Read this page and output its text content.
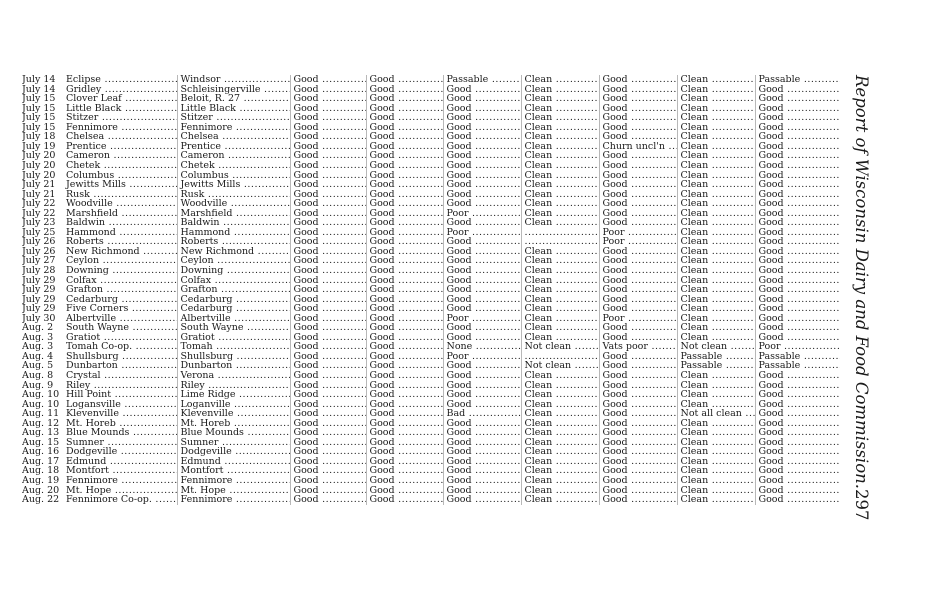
July 14 Eclipse .....	Windsor .....	Good .....	Good .....	Passable .....	Clean .....	Good .....	Clean .....	Passable .....
July 14 Gridley .....	Schleisingerville .....	Good .....	Good .....	Good .....	Clean .....	Good .....	Clean .....	Good .....
July 15 Clover Leaf .....	Beloit, R. 27 .....	Good .....	Good .....	Good .....	Clean .....	Good .....	Clean .....	Good .....
July 15 Little Black .....	Little Black .....	Good .....	Good .....	Good .....	Clean .....	Good .....	Clean .....	Good .....
July 15 Stitzer .....	Stitzer .....	Good .....	Good .....	Good .....	Clean .....	Good .....	Clean .....	Good .....
July 15 Fennimore .....	Fennimore .....	Good .....	Good .....	Good .....	Clean .....	Good .....	Clean .....	Good .....
July 18 Chelsea .....	Chelsea .....	Good .....	Good .....	Good .....	Clean .....	Good .....	Clean .....	Good .....
July 19 Prentice .....	Prentice .....	Good .....	Good .....	Good .....	Clean .....	Churn uncl'n .....	Clean .....	Good .....
July 20 Cameron .....	Cameron .....	Good .....	Good .....	Good .....	Clean .....	Good .....	Clean .....	Good .....
July 20 Chetek .....	Chetek .....	Good .....	Good .....	Good .....	Clean .....	Good .....	Clean .....	Good .....
July 20 Columbus .....	Columbus .....	Good .....	Good .....	Good .....	Clean .....	Good .....	Clean .....	Good .....
July 21 Jewitts Mills .....	Jewitts Mills .....	Good .....	Good .....	Good .....	Clean .....	Good .....	Clean .....	Good .....
July 21 Rusk .....	Rusk .....	Good .....	Good .....	Good .....	Clean .....	Good .....	Clean .....	Good .....
July 22 Woodville .....	Woodville .....	Good .....	Good .....	Good .....	Clean .....	Good .....	Clean .....	Good .....
July 22 Marshfield .....	Marshfield .....	Good .....	Good .....	Poor .....	Clean .....	Good .....	Clean .....	Good .....
July 23 Baldwin .....	Baldwin .....	Good .....	Good .....	Good .....	Clean .....	Good .....	Clean .....	Good .....
July 25 Hammond .....	Hammond .....	Good .....	Good .....	Poor .....	.....	Poor .....	Clean .....	Good .....
July 26 Roberts .....	Roberts .....	Good .....	Good .....	Good .....	.....	Poor .....	Clean .....	Good .....
July 26 New Richmond .....	New Richmond .....	Good .....	Good .....	Good .....	Clean .....	Good .....	Clean .....	Good .....
July 27 Ceylon .....	Ceylon .....	Good .....	Good .....	Good .....	Clean .....	Good .....	Clean .....	Good .....
July 28 Downing .....	Downing .....	Good .....	Good .....	Good .....	Clean .....	Good .....	Clean .....	Good .....
July 29 Colfax .....	Colfax .....	Good .....	Good .....	Good .....	Clean .....	Good .....	Clean .....	Good .....
July 29 Grafton .....	Grafton .....	Good .....	Good .....	Good .....	Clean .....	Good .....	Clean .....	Good .....
July 29 Cedarburg .....	Cedarburg .....	Good .....	Good .....	Good .....	Clean .....	Good .....	Clean .....	Good .....
July 29 Five Corners .....	Cedarburg .....	Good .....	Good .....	Good .....	Clean .....	Good .....	Clean .....	Good .....
July 30 Albertville .....	Albertville .....	Good .....	Good .....	Poor .....	Clean .....	Poor .....	Clean .....	Good .....
Aug. 2 South Wayne .....	South Wayne .....	Good .....	Good .....	Good .....	Clean .....	Good .....	Clean .....	Good .....
Aug. 3 Gratiot .....	Gratiot .....	Good .....	Good .....	Good .....	Clean .....	Good .....	Clean .....	Good .....
Aug. 3 Tomah Co-op. .....	Tomah .....	Good .....	Good .....	None .....	Not clean .....	Vats poor .....	Not clean .....	Poor .....
Aug. 4 Shullsburg .....	Shullsburg .....	Good .....	Good .....	Poor .....	.....	Good .....	Passable .....	Passable .....
Aug. 5 Dunbarton .....	Dunbarton .....	Good .....	Good .....	Good .....	Not clean .....	Good .....	Passable .....	Passable .....
Aug. 8 Crystal .....	Verona .....	Good .....	Good .....	Good .....	Clean .....	Good .....	Clean .....	Good .....
Aug. 9 Riley .....	Riley .....	Good .....	Good .....	Good .....	Clean .....	Good .....	Clean .....	Good .....
Aug. 10 Hill Point .....	Lime Ridge .....	Good .....	Good .....	Good .....	Clean .....	Good .....	Clean .....	Good .....
Aug. 10 Logansville .....	Loganville .....	Good .....	Good .....	Good .....	Clean .....	Good .....	Clean .....	Good .....
Aug. 11 Klevenville .....	Klevenville .....	Good .....	Good .....	Bad .....	Clean .....	Good .....	Not all clean .....	Good .....
Aug. 12 Mt. Horeb .....	Mt. Horeb .....	Good .....	Good .....	Good .....	Clean .....	Good .....	Clean .....	Good .....
Aug. 13 Blue Mounds .....	Blue Mounds .....	Good .....	Good .....	Good .....	Clean .....	Good .....	Clean .....	Good .....
Aug. 15 Sumner .....	Sumner .....	Good .....	Good .....	Good .....	Clean .....	Good .....	Clean .....	Good .....
Aug. 16 Dodgeville .....	Dodgeville .....	Good .....	Good .....	Good .....	Clean .....	Good .....	Clean .....	Good .....
Aug. 17 Edmund .....	Edmund .....	Good .....	Good .....	Good .....	Clean .....	Good .....	Clean .....	Good .....
Aug. 18 Montfort .....	Montfort .....	Good .....	Good .....	Good .....	Clean .....	Good .....	Clean .....	Good .....
Aug. 19 Fennimore .....	Fennimore .....	Good .....	Good .....	Good .....	Clean .....	Good .....	Clean .....	Good .....
Aug. 20 Mt. Hope .....	Mt. Hope .....	Good .....	Good .....	Good .....	Clean .....	Good .....	Clean .....	Good .....
Aug. 22 Fennimore Co-op. .....	Fennimore .....	Good .....	Good .....	Good .....	Clean .....	Good .....	Clean .....	Good .....
Report of Wisconsin Dairy and Food Commission.
297
